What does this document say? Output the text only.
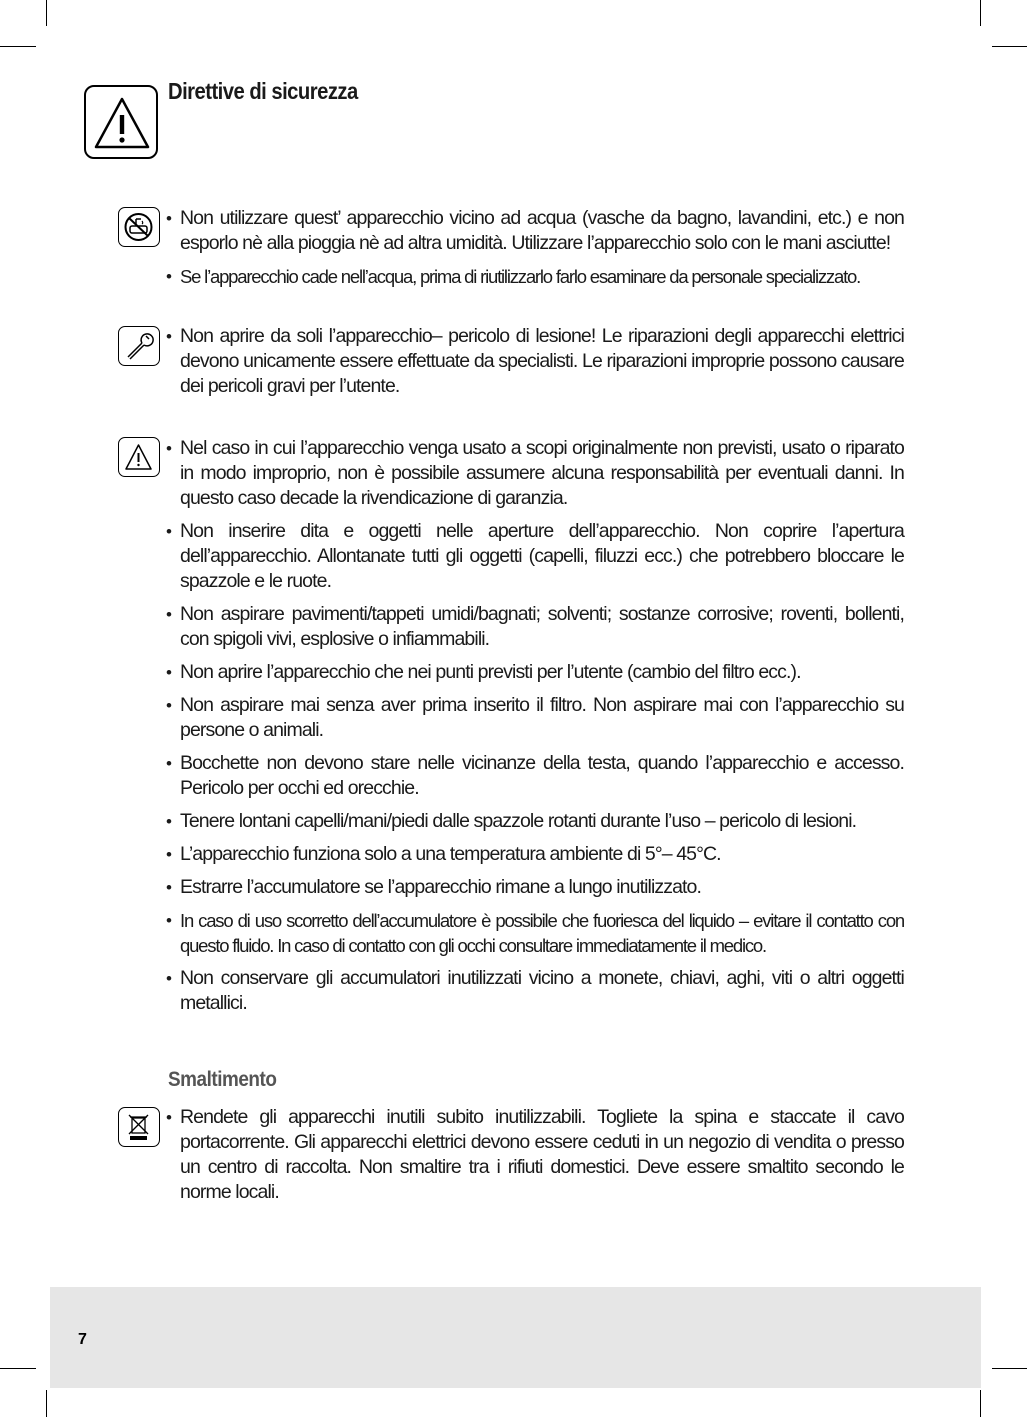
Direttive di sicurezza
• Non utilizzare quest’ apparecchio vicino ad acqua (vasche da bagno, lavandini, etc.) e non esporlo nè alla pioggia nè ad altra umidità. Utilizzare l’apparecchio solo con le mani asciutte!
• Se l’apparecchio cade nell’acqua, prima di riutilizzarlo farlo esaminare da personale specializzato.
• Non aprire da soli l’apparecchio– pericolo di lesione! Le riparazioni degli apparecchi elettrici devono unicamente essere effettuate da specialisti. Le riparazioni improprie possono causare dei pericoli gravi per l’utente.
• Nel caso in cui l’apparecchio venga usato a scopi originalmente non previsti, usato o riparato in modo improprio, non è possibile assumere alcuna responsabilità per eventuali danni. In questo caso decade la rivendicazione di garanzia.
• Non inserire dita e oggetti nelle aperture dell’apparecchio. Non coprire l’apertura dell’apparecchio. Allontanate tutti gli oggetti (capelli, filuzzi ecc.) che potrebbero bloccare le spazzole e le ruote.
• Non aspirare pavimenti/tappeti umidi/bagnati; solventi; sostanze corrosive; roventi, bollenti, con spigoli vivi, esplosive o infiammabili.
• Non aprire l’apparecchio che nei punti previsti per l’utente (cambio del filtro ecc.).
• Non aspirare mai senza aver prima inserito il filtro. Non aspirare mai con l’apparecchio su persone o animali.
• Bocchette non devono stare nelle vicinanze della testa, quando l’apparecchio e accesso. Pericolo per occhi ed orecchie.
• Tenere lontani capelli/mani/piedi dalle spazzole rotanti durante l’uso – pericolo di lesioni.
• L’apparecchio funziona solo a una temperatura ambiente di 5°– 45°C.
• Estrarre l’accumulatore se l’apparecchio rimane a lungo inutilizzato.
• In caso di uso scorretto dell’accumulatore è possibile che fuoriesca del liquido – evitare il contatto con questo fluido. In caso di contatto con gli occhi consultare immediatamente il medico.
• Non conservare gli accumulatori inutilizzati vicino a monete, chiavi, aghi, viti o altri oggetti metallici.
Smaltimento
• Rendete gli apparecchi inutili subito inutilizzabili. Togliete la spina e staccate il cavo portacorrente. Gli apparecchi elettrici devono essere ceduti in un negozio di vendita o presso un centro di raccolta. Non smaltire tra i rifiuti domestici. Deve essere smaltito secondo le norme locali.
7
